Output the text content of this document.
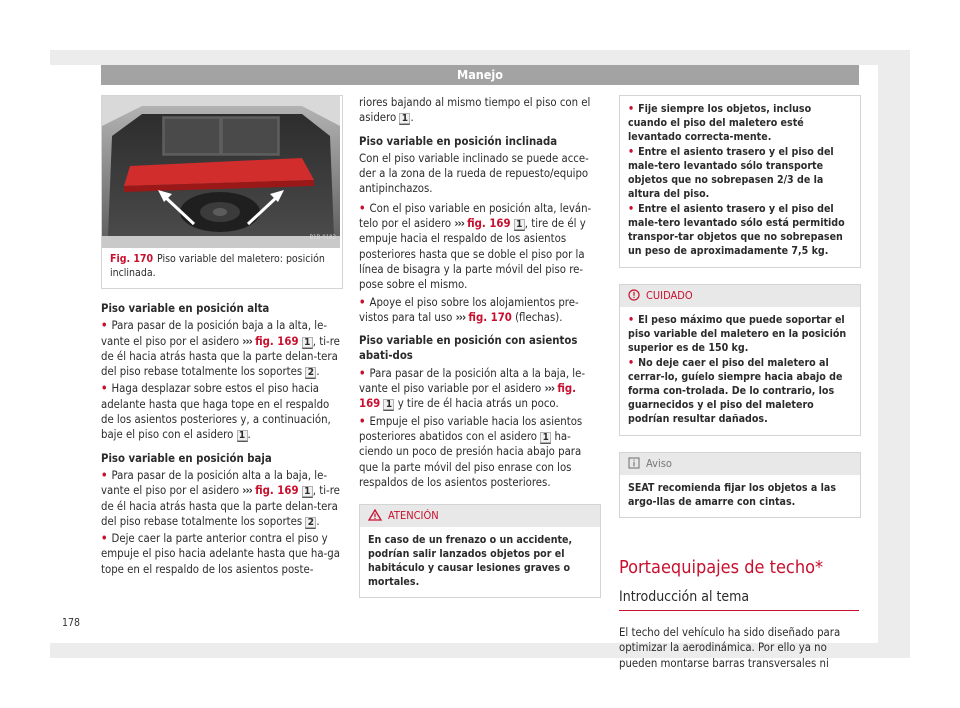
Manejo
B1B-0183
Fig. 170 Piso variable del maletero: posición inclinada.

Piso variable en posición alta

• Para pasar de la posición baja a la alta, le-vante el piso por el asidero ››› fig. 169 1 , ti-re de él hacia atrás hasta que la parte delan-tera del piso rebase totalmente los soportes 2 .

• Haga desplazar sobre estos el piso hacia adelante hasta que haga tope en el respaldo de los asientos posteriores y, a continuación, baje el piso con el asidero 1 .

Piso variable en posición baja

• Para pasar de la posición alta a la baja, le-vante el piso por el asidero ››› fig. 169 1 , ti-re de él hacia atrás hasta que la parte delan-tera del piso rebase totalmente los soportes 2 .

• Deje caer la parte anterior contra el piso y empuje el piso hacia adelante hasta que ha-ga tope en el respaldo de los asientos poste-

riores bajando al mismo tiempo el piso con el asidero 1 .

Piso variable en posición inclinada

Con el piso variable inclinado se puede acce-der a la zona de la rueda de repuesto/equipo antipinchazos.

• Con el piso variable en posición alta, leván-telo por el asidero ››› fig. 169 1 , tire de él y empuje hacia el respaldo de los asientos posteriores hasta que se doble el piso por la línea de bisagra y la parte móvil del piso re-pose sobre el mismo.

• Apoye el piso sobre los alojamientos pre-vistos para tal uso ››› fig. 170 (flechas).

Piso variable en posición con asientos abati-dos

• Para pasar de la posición alta a la baja, le-vante el piso variable por el asidero ››› fig. 169 1 y tire de él hacia atrás un poco.

• Empuje el piso variable hacia los asientos posteriores abatidos con el asidero 1 ha-ciendo un poco de presión hacia abajo para que la parte móvil del piso enrase con los respaldos de los asientos posteriores.

ATENCIÓN
En caso de un frenazo o un accidente, podrían salir lanzados objetos por el habitáculo y causar lesiones graves o mortales.

• Fije siempre los objetos, incluso cuando el piso del maletero esté levantado correcta-mente.

• Entre el asiento trasero y el piso del male-tero levantado sólo transporte objetos que no sobrepasen 2/3 de la altura del piso.

• Entre el asiento trasero y el piso del male-tero levantado sólo está permitido transpor-tar objetos que no sobrepasen un peso de aproximadamente 7,5 kg.

CUIDADO

• El peso máximo que puede soportar el piso variable del maletero en la posición superior es de 150 kg.

• No deje caer el piso del maletero al cerrar-lo, guíelo siempre hacia abajo de forma con-trolada. De lo contrario, los guarnecidos y el piso del maletero podrían resultar dañados.

Aviso
SEAT recomienda fijar los objetos a las argo-llas de amarre con cintas.
Portaequipajes de techo*
Introducción al tema

El techo del vehículo ha sido diseñado para optimizar la aerodinámica. Por ello ya no pueden montarse barras transversales ni

178
